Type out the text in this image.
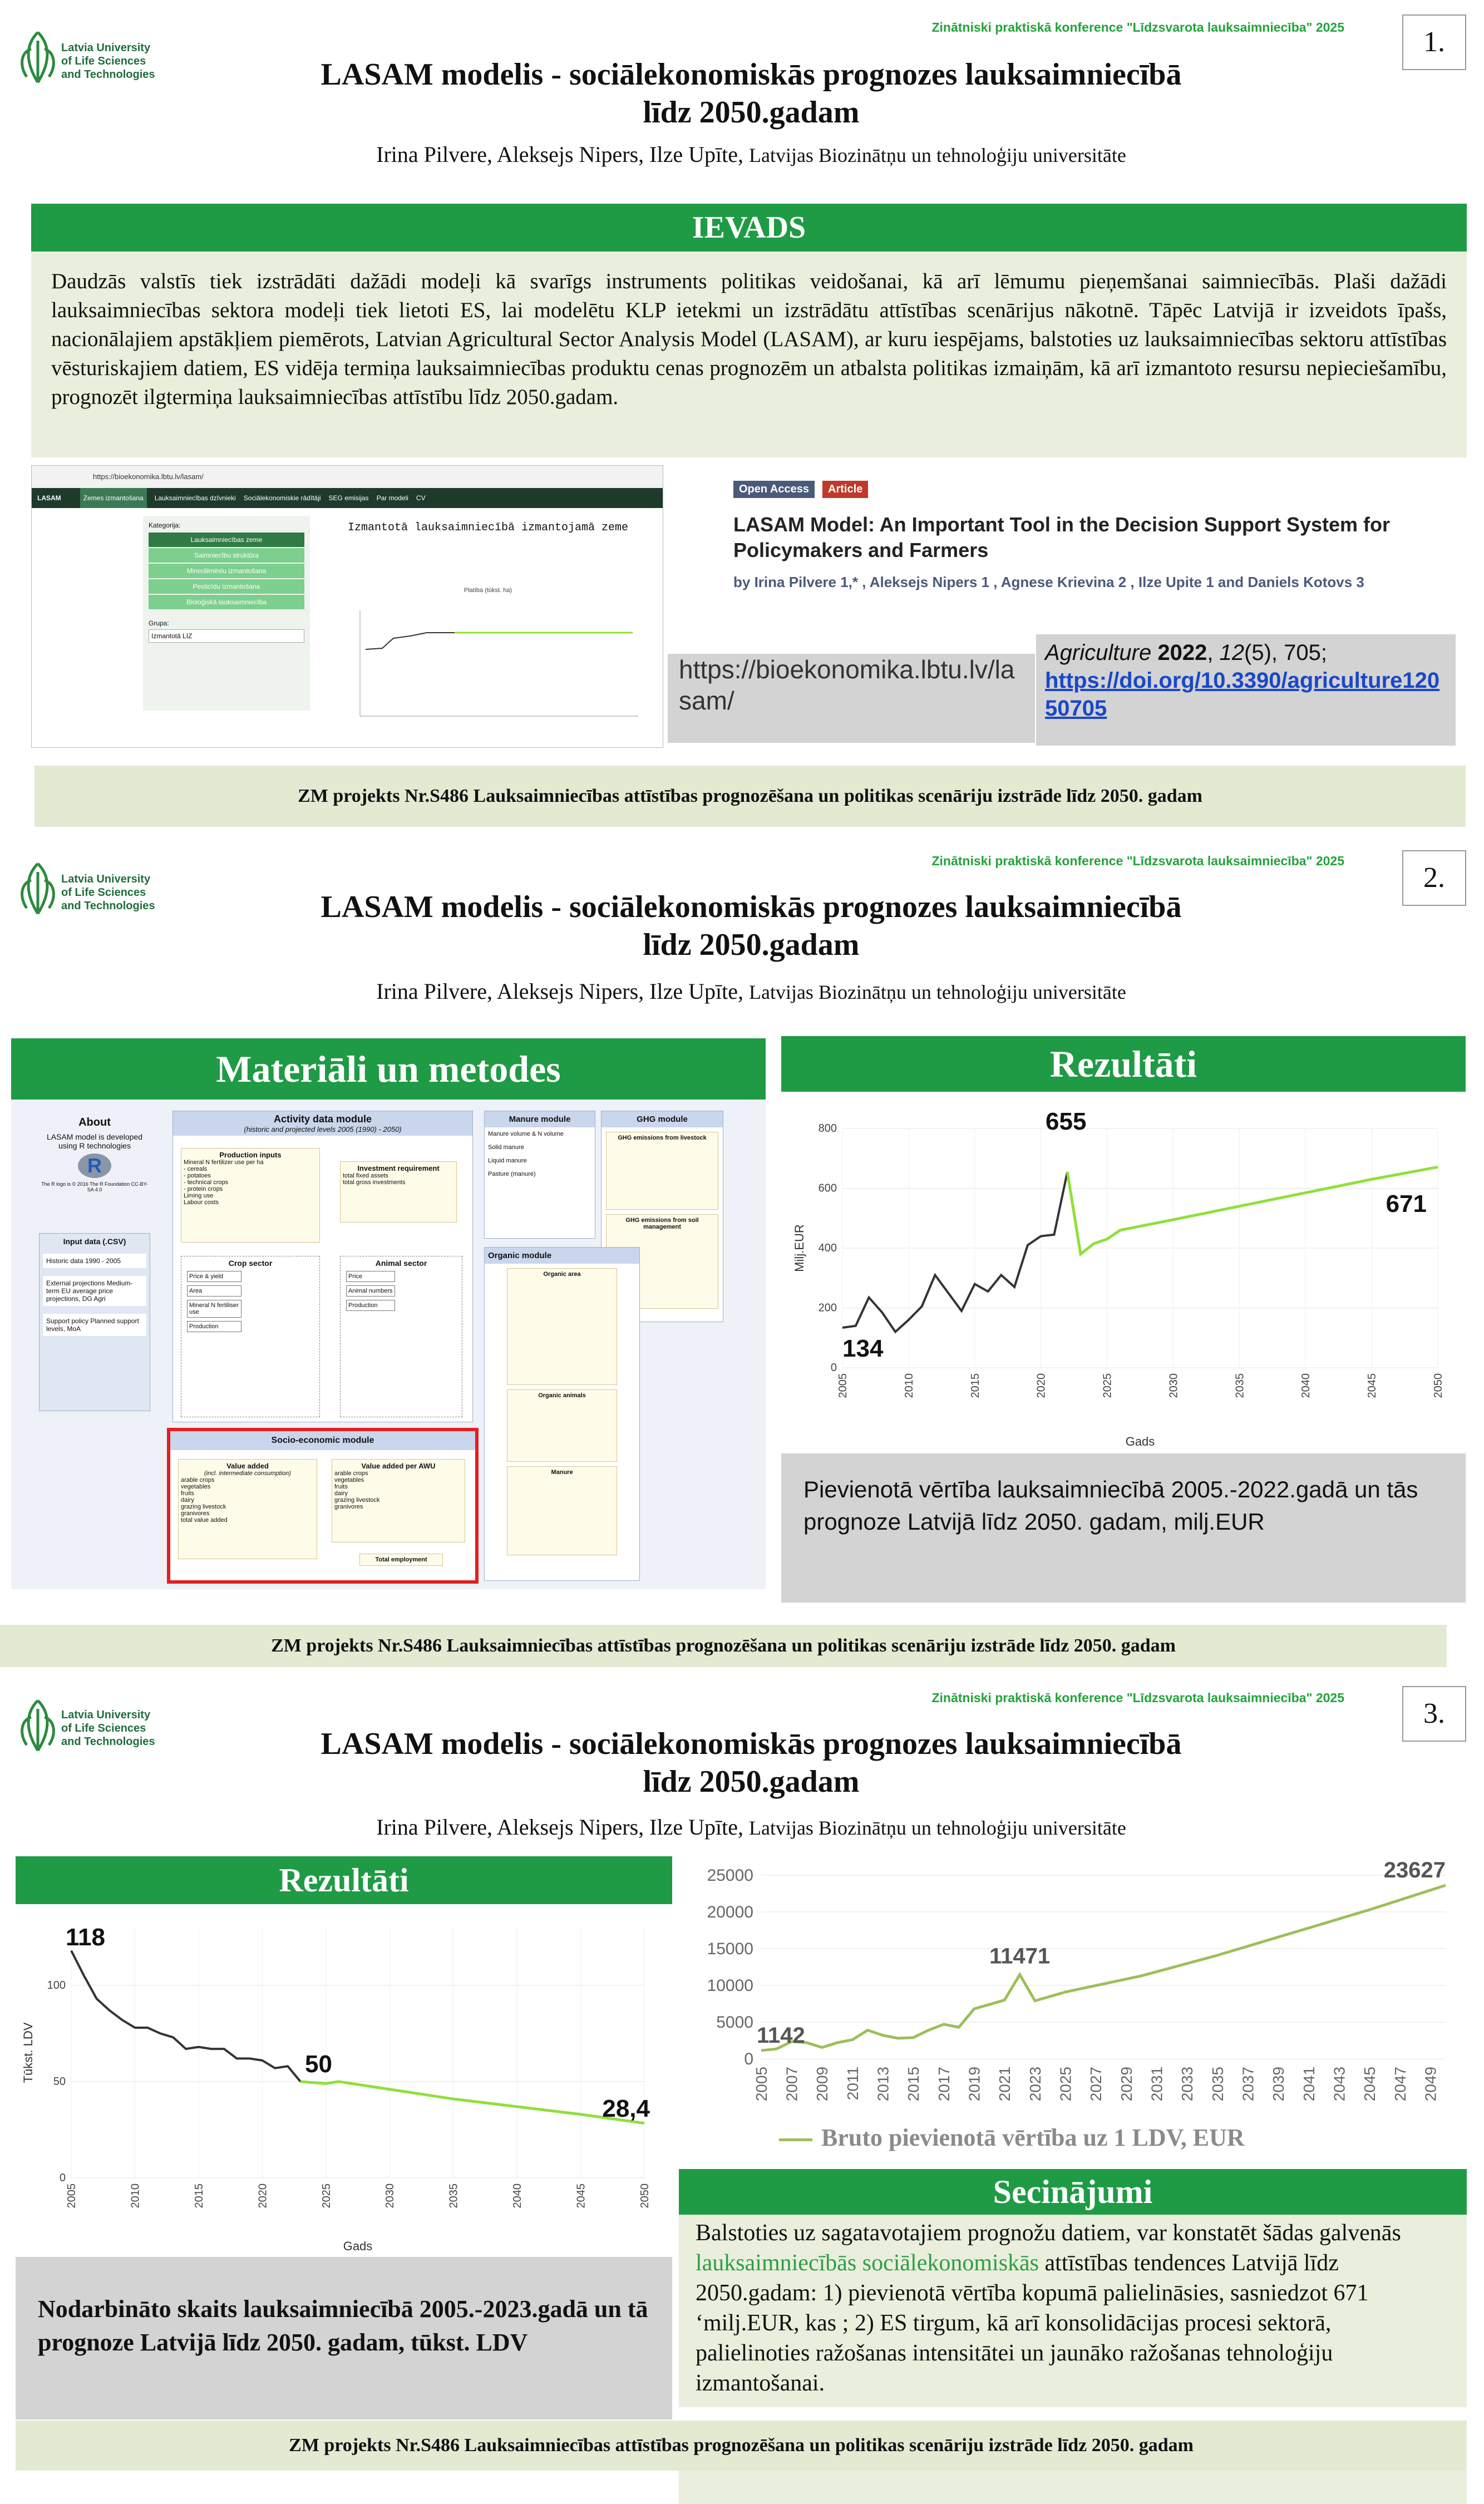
Latvia University
of Life Sciences
and Technologies
Zinātniski praktiskā konference "Līdzsvarota lauksaimniecība" 2025	1.
LASAM modelis - sociālekonomiskās prognozes lauksaimniecībā
līdz 2050.gadam
Irina Pilvere, Aleksejs Nipers, Ilze Upīte, Latvijas Biozinātņu un tehnoloģiju universitāte
IEVADS
Daudzās valstīs tiek izstrādāti dažādi modeļi kā svarīgs instruments politikas veidošanai, kā arī lēmumu pieņemšanai saimniecībās. Plaši dažādi lauksaimniecības sektora modeļi tiek lietoti ES, lai modelētu KLP ietekmi un izstrādātu attīstības scenārijus nākotnē. Tāpēc Latvijā ir izveidots īpašs, nacionālajiem apstākļiem piemērots, Latvian Agricultural Sector Analysis Model (LASAM), ar kuru iespējams, balstoties uz lauksaimniecības sektoru attīstības vēsturiskajiem datiem, ES vidēja termiņa lauksaimniecības produktu cenas prognozēm un atbalsta politikas izmaiņām, kā arī izmantoto resursu nepieciešamību, prognozēt ilgtermiņa lauksaimniecības attīstību līdz 2050.gadam.
https://bioekonomika.lbtu.lv/lasam/
LASAM	Zemes izmantošana	Lauksaimniecības dzīvnieki Sociālekonomiskie rādītāji SEG emisijas Par modeli CV
Kategorija:
Lauksaimniecības zeme
Saimniecību struktūra
Minerālmēslu izmantošana
Pesticīdu izmantošana
Bioloģiskā lauksaimniecība
Grupa:
Izmantotā LIZ
Izmantotā lauksaimniecībā izmantojamā zeme
Platība (tūkst. ha)
https://bioekonomika.lbtu.lv/lasam/
Open Access	Article
LASAM Model: An Important Tool in the Decision Support System for Policymakers and Farmers
by Irina Pilvere 1,* , Aleksejs Nipers 1 , Agnese Krievina 2 , Ilze Upite 1 and Daniels Kotovs 3
Agriculture 2022, 12(5), 705;
https://doi.org/10.3390/agriculture12050705
ZM projekts Nr.S486 Lauksaimniecības attīstības prognozēšana un politikas scenāriju izstrāde līdz 2050. gadam
Latvia University
of Life Sciences
and Technologies
Zinātniski praktiskā konference "Līdzsvarota lauksaimniecība" 2025
2.
LASAM modelis - sociālekonomiskās prognozes lauksaimniecībā
līdz 2050.gadam
Irina Pilvere, Aleksejs Nipers, Ilze Upīte, Latvijas Biozinātņu un tehnoloģiju universitāte
Materiāli un metodes	Rezultāti
About
LASAM model is developed using R technologies
R
The R logo is © 2016 The R Foundation CC-BY-SA 4.0
Input data (.CSV)
Historic data 1990 - 2005
External projections Medium-term EU average price projections, DG Agri
Support policy Planned support levels, MoA
Activity data module
(historic and projected levels 2005 (1990) - 2050)
Production inputs
Mineral N fertilizer use per ha
- cereals
- potatoes
- technical crops
- protein crops
Liming use
Labour costs
Investment requirement
total fixed assets
total gross investments
Crop sector
Price & yield
Area
Mineral N fertiliser use
Production
Animal sector
Price
Animal numbers
Production
Manure module
Manure volume & N volume
Solid manure
Liquid manure
Pasture (manure)
GHG module
GHG emissions from livestock
GHG emissions from soil management
Organic module
Organic area
Organic animals
Manure
Socio-economic module
Value added
(incl. intermediate consumption)
arable crops
vegetables
fruits
dairy
grazing livestock
granivores
total value added
Value added per AWU
arable crops
vegetables
fruits
dairy
grazing livestock
granivores
Total employment
0
200
400
600
800
2005	2010	2015	2020	2025	2030	2035	2040	2045	2050
Gads
Milj.EUR
655
671
134
Pievienotā vērtība lauksaimniecībā 2005.-2022.gadā un tās prognoze Latvijā līdz 2050. gadam, milj.EUR
ZM projekts Nr.S486 Lauksaimniecības attīstības prognozēšana un politikas scenāriju izstrāde līdz 2050. gadam
Latvia University
of Life Sciences
and Technologies
Zinātniski praktiskā konference "Līdzsvarota lauksaimniecība" 2025	3.
LASAM modelis - sociālekonomiskās prognozes lauksaimniecībā
līdz 2050.gadam
Irina Pilvere, Aleksejs Nipers, Ilze Upīte, Latvijas Biozinātņu un tehnoloģiju universitāte
Rezultāti
0
50
100
2005	2010	2015	2020	2025	2030	2035	2040	2045	2050
Gads
Tūkst. LDV
118
50
28,4
Nodarbināto skaits lauksaimniecībā 2005.-2023.gadā un tā prognoze Latvijā līdz 2050. gadam, tūkst. LDV
0
5000
10000
15000
20000
25000
2005 2007 2009 2011 2013 2015 2017 2019 2021 2023 2025 2027 2029 2031 2033 2035 2037 2039 2041 2043 2045 2047 2049
1142
11471
23627
Bruto pievienotā vērtība uz 1 LDV, EUR
Secinājumi
Balstoties uz sagatavotajiem prognožu datiem, var konstatēt šādas galvenās lauksaimniecībās sociālekonomiskās attīstības tendences Latvijā līdz 2050.gadam: 1) pievienotā vērtība kopumā palielināsies, sasniedzot 671 ‘milj.EUR, kas ; 2) ES tirgum, kā arī konsolidācijas procesi sektorā, palielinoties ražošanas intensitātei un jaunāko ražošanas tehnoloģiju izmantošanai.
ZM projekts Nr.S486 Lauksaimniecības attīstības prognozēšana un politikas scenāriju izstrāde līdz 2050. gadam
